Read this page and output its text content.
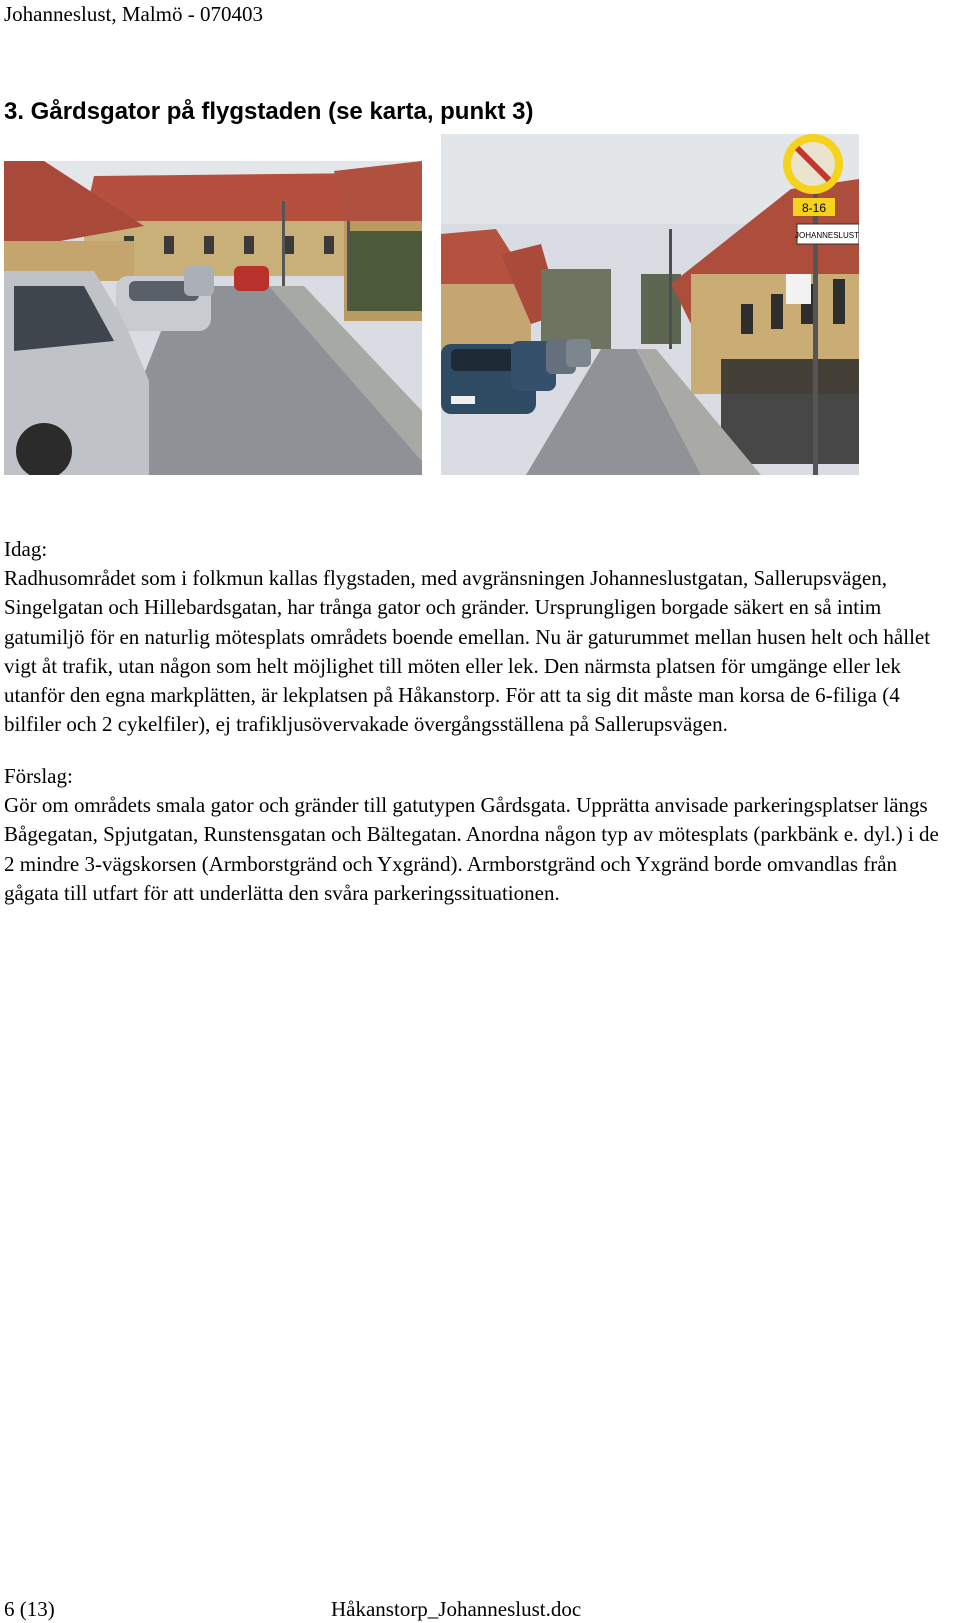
Johanneslust, Malmö - 070403
3. Gårdsgator på flygstaden (se karta, punkt 3)
8-16
JOHANNESLUST
Idag:
Radhusområdet som i folkmun kallas flygstaden, med avgränsningen Johanneslustgatan, Sallerupsvägen, Singelgatan och Hillebardsgatan, har trånga gator och gränder. Ursprungligen borgade säkert en så intim gatumiljö för en naturlig mötesplats områdets boende emellan. Nu är gaturummet mellan husen helt och hållet vigt åt trafik, utan någon som helt möjlighet till möten eller lek. Den närmsta platsen för umgänge eller lek utanför den egna markplätten, är lekplatsen på Håkanstorp. För att ta sig dit måste man korsa de 6-filiga (4 bilfiler och 2 cykelfiler), ej trafikljusövervakade övergångsställena på Sallerupsvägen.
Förslag:
Gör om områdets smala gator och gränder till gatutypen Gårdsgata. Upprätta anvisade parkeringsplatser längs Bågegatan, Spjutgatan, Runstensgatan och Bältegatan. Anordna någon typ av mötesplats (parkbänk e. dyl.) i de 2 mindre 3-vägskorsen (Armborstgränd och Yxgränd). Armborstgränd och Yxgränd borde omvandlas från gågata till utfart för att underlätta den svåra parkeringssituationen.
6 (13)	Håkanstorp_Johanneslust.doc
